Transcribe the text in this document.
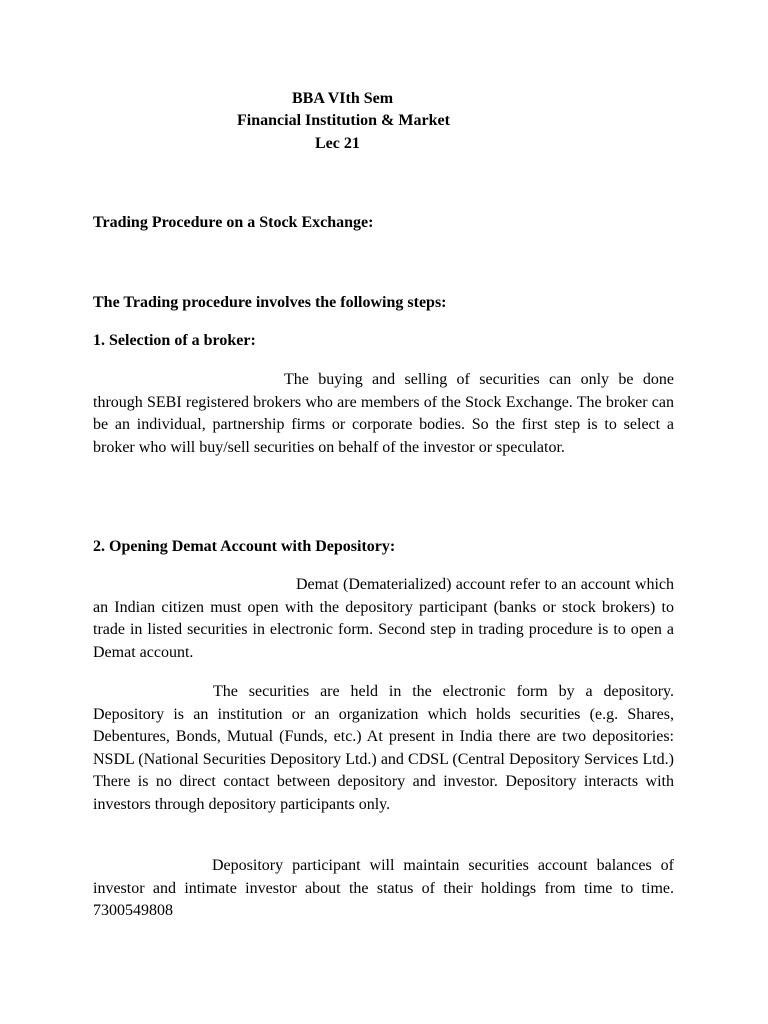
BBA VIth Sem
Financial Institution & Market
Lec 21
Trading Procedure on a Stock Exchange:
The Trading procedure involves the following steps:
1. Selection of a broker:

The buying and selling of securities can only be done through SEBI registered brokers who are members of the Stock Exchange. The broker can be an individual, partnership firms or corporate bodies. So the first step is to select a broker who will buy/sell securities on behalf of the investor or speculator.

2. Opening Demat Account with Depository:

Demat (Dematerialized) account refer to an account which an Indian citizen must open with the depository participant (banks or stock brokers) to trade in listed securities in electronic form. Second step in trading procedure is to open a Demat account.

The securities are held in the electronic form by a depository. Depository is an institution or an organization which holds securities (e.g. Shares, Debentures, Bonds, Mutual (Funds, etc.) At present in India there are two depositories: NSDL (National Securities Depository Ltd.) and CDSL (Central Depository Services Ltd.) There is no direct contact between depository and investor. Depository interacts with investors through depository participants only.

Depository participant will maintain securities account balances of investor and intimate investor about the status of their holdings from time to time. 7300549808
